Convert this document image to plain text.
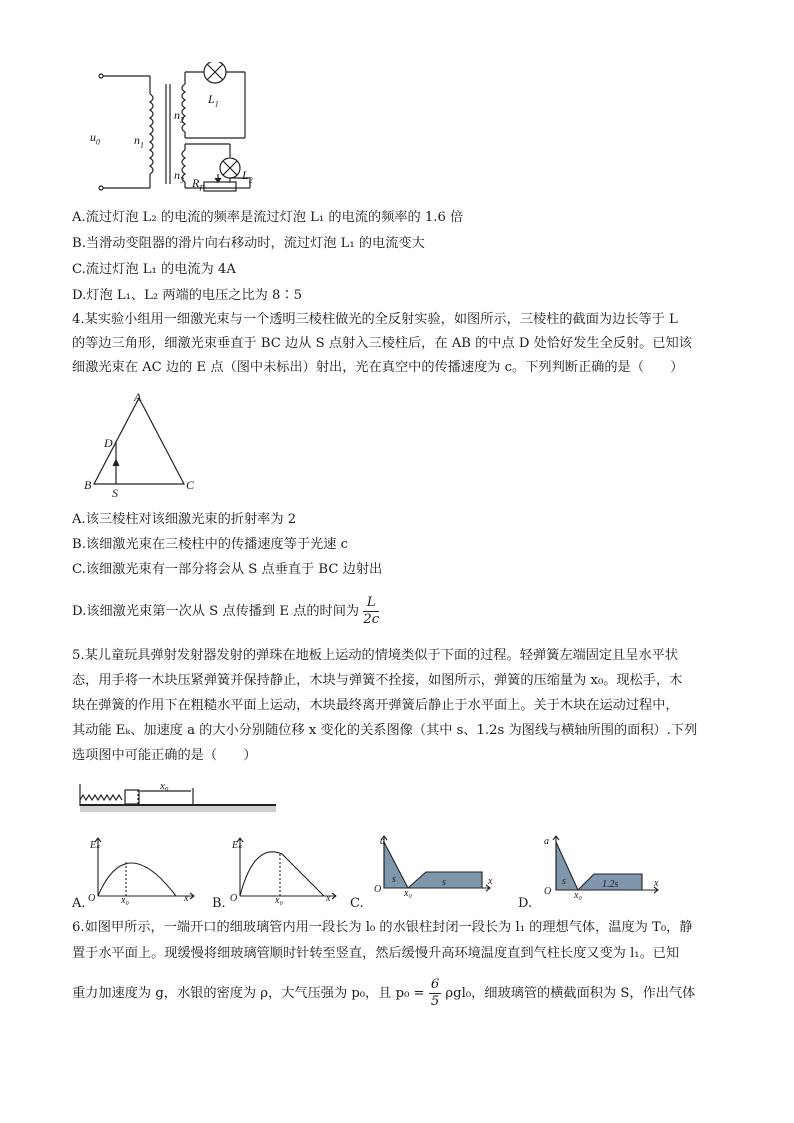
$u_0$	$n_1$
$n_2$
$n_3$
$L_1$
$L_2$
$R_P$
A.流过灯泡 L₂ 的电流的频率是流过灯泡 L₁ 的电流的频率的 1.6 倍
B.当滑动变阻器的滑片向右移动时，流过灯泡 L₁ 的电流变大
C.流过灯泡 L₁ 的电流为 4A
D.灯泡 L₁、L₂ 两端的电压之比为 8∶5
4.某实验小组用一细激光束与一个透明三棱柱做光的全反射实验，如图所示，三棱柱的截面为边长等于 L
的等边三角形，细激光束垂直于 BC 边从 S 点射入三棱柱后，在 AB 的中点 D 处恰好发生全反射。已知该
细激光束在 AC 边的 E 点（图中未标出）射出，光在真空中的传播速度为 c。下列判断正确的是（　　）
A
D
B
S
C
A.该三棱柱对该细激光束的折射率为 2
B.该细激光束在三棱柱中的传播速度等于光速 c
C.该细激光束有一部分将会从 S 点垂直于 BC 边射出
D.该细激光束第一次从 S 点传播到 E 点的时间为 $\frac{L}{2c}$
5.某儿童玩具弹射发射器发射的弹珠在地板上运动的情境类似于下面的过程。轻弹簧左端固定且呈水平状
态，用手将一木块压紧弹簧并保持静止，木块与弹簧不拴接，如图所示，弹簧的压缩量为 x₀。现松手，木
块在弹簧的作用下在粗糙水平面上运动，木块最终离开弹簧后静止于水平面上。关于木块在运动过程中，
其动能 Eₖ、加速度 a 的大小分别随位移 x 变化的关系图像（其中 s、1.2s 为图线与横轴所围的面积）.下列
选项图中可能正确的是（　　）
x₀
A.
Eₖ
O	x₀	x B.
Eₖ
O	x₀	x C.
a
O x₀
x
s	s
D.
a
O x₀
x
s	1.2s
6.如图甲所示，一端开口的细玻璃管内用一段长为 l₀ 的水银柱封闭一段长为 l₁ 的理想气体，温度为 T₀，静
置于水平面上。现缓慢将细玻璃管顺时针转至竖直，然后缓慢升高环境温度直到气柱长度又变为 l₁。已知
重力加速度为 g，水银的密度为 ρ，大气压强为 p₀，且 $p_0 = \frac{6}{5} \rho gl_0$，细玻璃管的横截面积为 S，作出气体
